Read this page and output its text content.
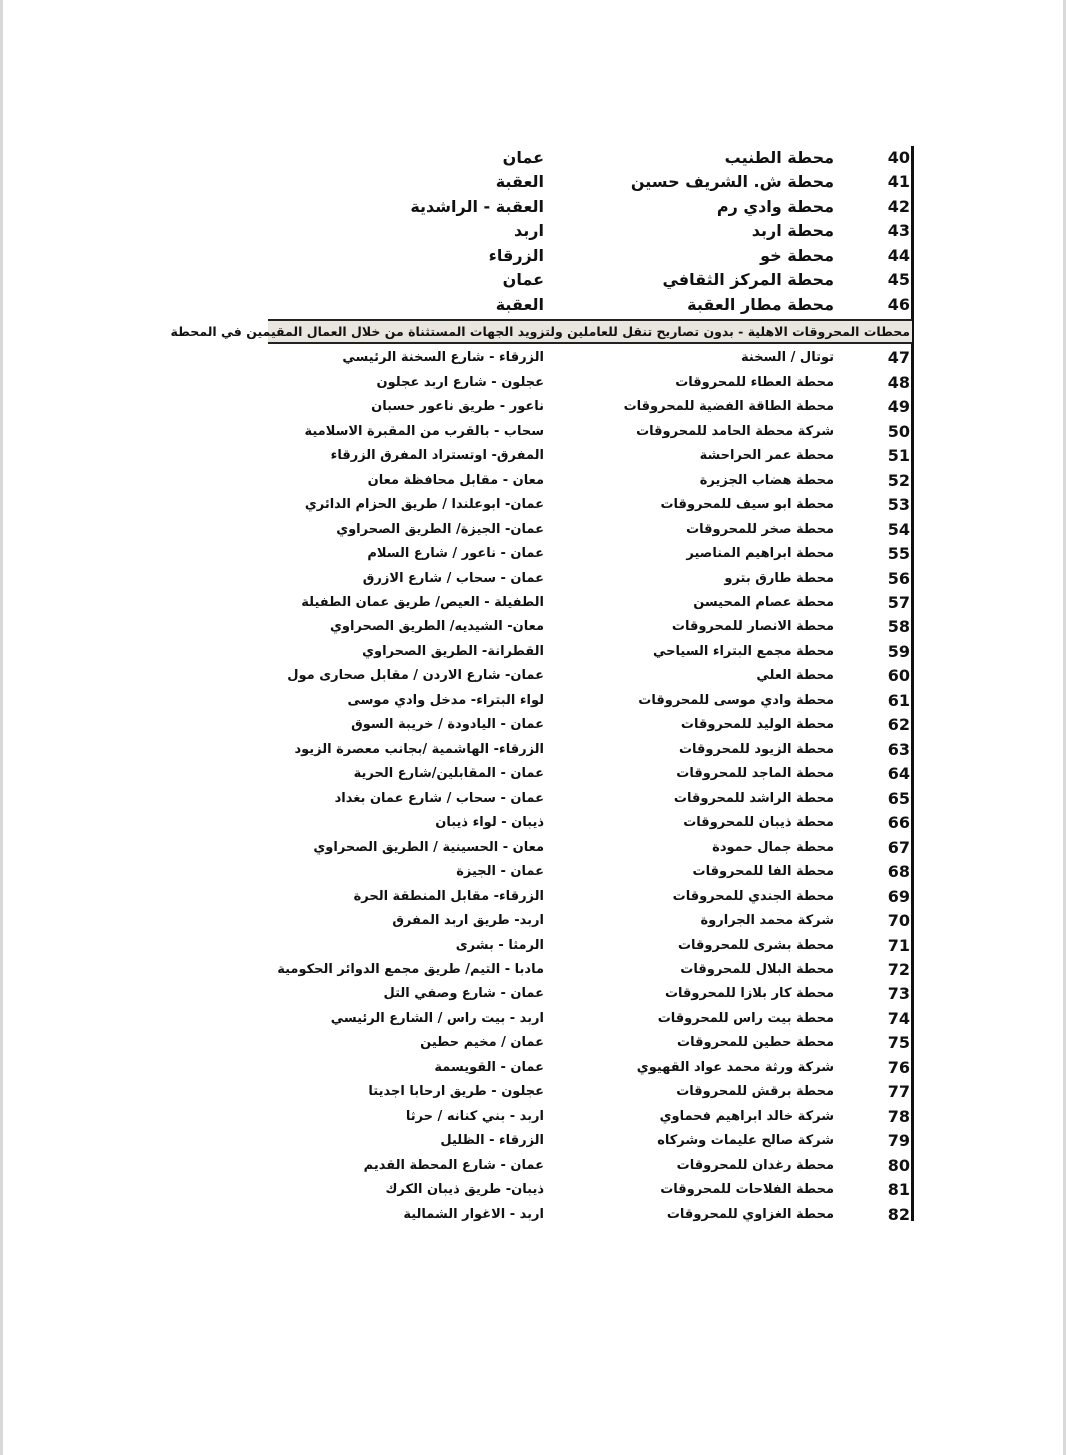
40
محطة الطنيب
عمان
41
محطة ش. الشريف حسين
العقبة
42
محطة وادي رم
العقبة - الراشدية
43
محطة اربد
اربد
44
محطة خو
الزرقاء
45
محطة المركز الثقافي
عمان
46
محطة مطار العقبة
العقبة
محطات المحروقات الاهلية - بدون تصاريح تنقل للعاملين ولتزويد الجهات المستثناة من خلال العمال المقيمين في المحطة
47
توتال / السخنة
الزرقاء - شارع السخنة الرئيسي
48
محطة العطاء للمحروقات
عجلون - شارع اربد عجلون
49
محطة الطاقة الفضية للمحروقات
ناعور - طريق ناعور حسبان
50
شركة محطة الحامد للمحروقات
سحاب - بالقرب من المقبرة الاسلامية
51
محطة عمر الحراحشة
المفرق- اوتستراد المفرق الزرقاء
52
محطة هضاب الجزيرة
معان - مقابل محافظة معان
53
محطة ابو سيف للمحروقات
عمان- ابوعلندا / طريق الحزام الدائري
54
محطة صخر للمحروقات
عمان- الجيزة/ الطريق الصحراوي
55
محطة ابراهيم المناصير
عمان - ناعور / شارع السلام
56
محطة طارق بترو
عمان - سحاب / شارع الازرق
57
محطة عصام المحيسن
الطفيلة - العيص/ طريق عمان الطفيلة
58
محطة الانصار للمحروقات
معان- الشيديه/ الطريق الصحراوي
59
محطة مجمع البتراء السياحي
القطرانة- الطريق الصحراوي
60
محطة العلي
عمان- شارع الاردن / مقابل صحارى مول
61
محطة وادي موسى للمحروقات
لواء البتراء- مدخل وادي موسى
62
محطة الوليد للمحروقات
عمان - اليادودة / خريبة السوق
63
محطة الزيود للمحروقات
الزرقاء- الهاشمية /بجانب معصرة الزيود
64
محطة الماجد للمحروقات
عمان - المقابلين/شارع الحرية
65
محطة الراشد للمحروقات
عمان - سحاب / شارع عمان بغداد
66
محطة ذيبان للمحروقات
ذيبان - لواء ذيبان
67
محطة جمال حمودة
معان - الحسينية / الطريق الصحراوي
68
محطة الفا للمحروقات
عمان - الجيزة
69
محطة الجندي للمحروقات
الزرقاء- مقابل المنطقة الحرة
70
شركة محمد الجراروة
اربد- طريق اربد المفرق
71
محطة بشرى للمحروقات
الرمثا - بشرى
72
محطة البلال للمحروقات
مادبا - التيم/ طريق مجمع الدوائر الحكومية
73
محطة كار بلازا للمحروقات
عمان - شارع وصفي التل
74
محطة بيت راس للمحروقات
اربد - بيت راس / الشارع الرئيسي
75
محطة حطين للمحروقات
عمان / مخيم حطين
76
شركة ورثة محمد عواد القهيوي
عمان - القويسمة
77
محطة برقش للمحروقات
عجلون - طريق ارحابا اجديتا
78
شركة خالد ابراهيم فحماوي
اربد - بني كنانه / حرثا
79
شركة صالح عليمات وشركاه
الزرقاء - الظليل
80
محطة رغدان للمحروقات
عمان - شارع المحطة القديم
81
محطة الفلاحات للمحروقات
ذيبان- طريق ذيبان الكرك
82
محطة الغزاوي للمحروقات
اربد - الاغوار الشمالية
